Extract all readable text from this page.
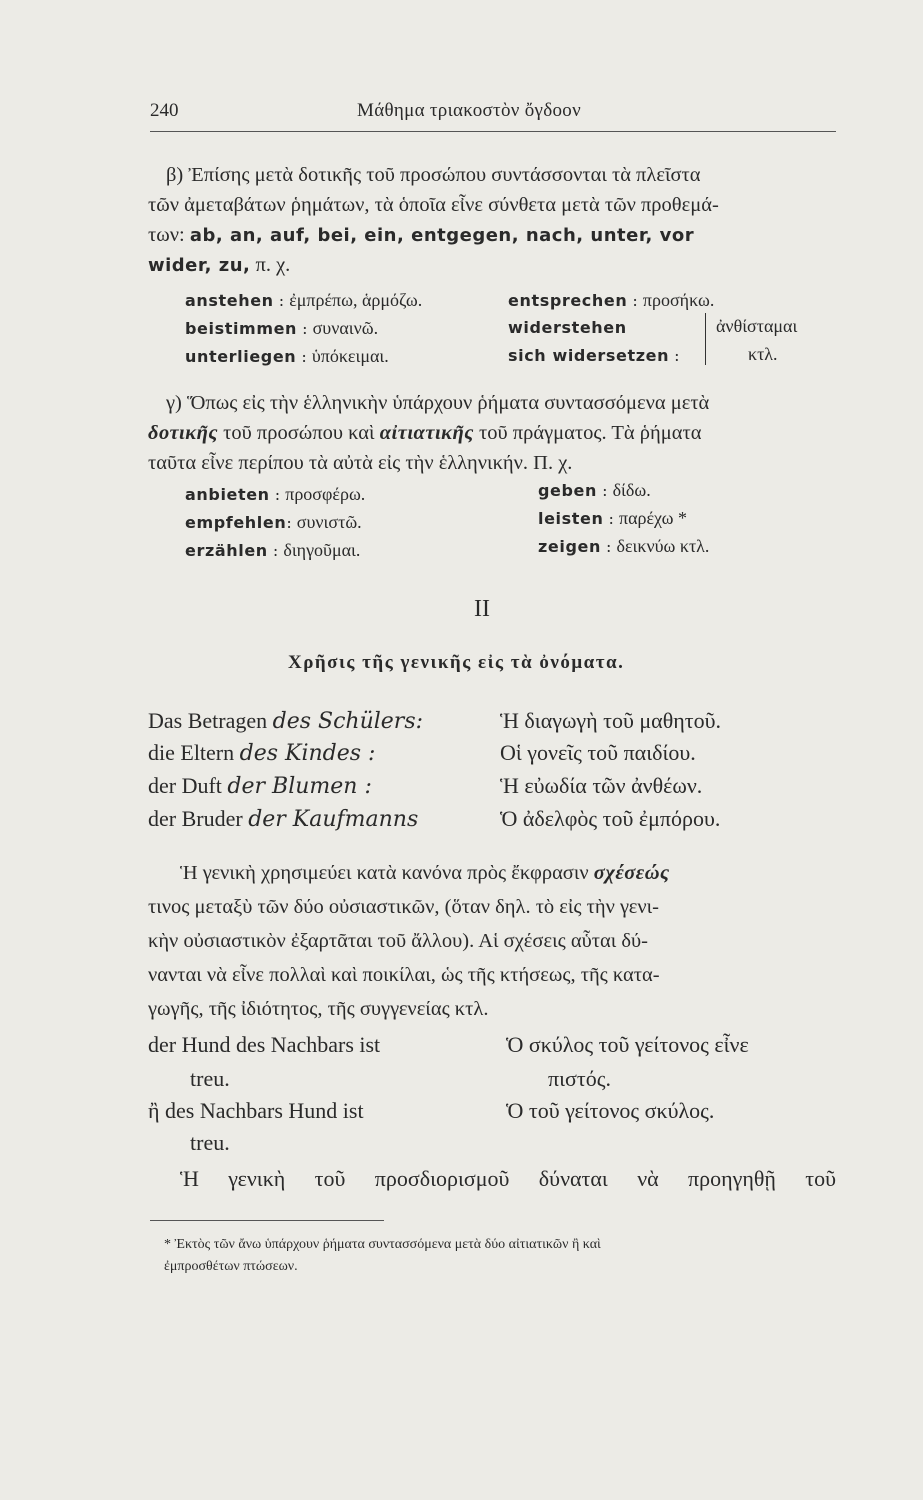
240	Μάθημα τριακοστὸν ὄγδοον
β) Ἐπίσης μετὰ δοτικῆς τοῦ προσώπου συντάσσονται τὰ πλεῖστα
τῶν ἀμεταβάτων ῥημάτων, τὰ ὁποῖα εἶνε σύνθετα μετὰ τῶν προθεμά-
των: ab, an, auf, bei, ein, entgegen, nach, unter, vor
wider, zu, π. χ.
anstehen : ἐμπρέπω, ἁρμόζω.
beistimmen : συναινῶ.
unterliegen : ὑπόκειμαι.
entsprechen : προσήκω.
widerstehen
sich widersetzen :
ἀνθίσταμαι
κτλ.
γ) Ὅπως εἰς τὴν ἑλληνικὴν ὑπάρχουν ῥήματα συντασσόμενα μετὰ
δοτικῆς τοῦ προσώπου καὶ αἰτιατικῆς τοῦ πράγματος. Τὰ ῥήματα
ταῦτα εἶνε περίπου τὰ αὐτὰ εἰς τὴν ἑλληνικήν. Π. χ.
anbieten : προσφέρω.
empfehlen: συνιστῶ.
erzählen : διηγοῦμαι.
geben : δίδω.
leisten : παρέχω *
zeigen : δεικνύω κτλ.
II
Χρῆσις τῆς γενικῆς εἰς τὰ ὀνόματα.
Das Betragen des Schülers:
die Eltern des Kindes :
der Duft der Blumen :
der Bruder der Kaufmanns
Ἡ διαγωγὴ τοῦ μαθητοῦ.
Οἱ γονεῖς τοῦ παιδίου.
Ἡ εὐωδία τῶν ἀνθέων.
Ὁ ἀδελφὸς τοῦ ἐμπόρου.
Ἡ γενικὴ χρησιμεύει κατὰ κανόνα πρὸς ἔκφρασιν σχέσεώς
τινος μεταξὺ τῶν δύο οὐσιαστικῶν, (ὅταν δηλ. τὸ εἰς τὴν γενι-
κὴν οὐσιαστικὸν ἐξαρτᾶται τοῦ ἄλλου). Αἱ σχέσεις αὗται δύ-
νανται νὰ εἶνε πολλαὶ καὶ ποικίλαι, ὡς τῆς κτήσεως, τῆς κατα-
γωγῆς, τῆς ἰδιότητος, τῆς συγγενείας κτλ.
der Hund des Nachbars ist
treu.
ἢ des Nachbars Hund ist
treu.
Ὁ σκύλος τοῦ γείτονος εἶνε
πιστός.
Ὁ τοῦ γείτονος σκύλος.
Ἡ γενικὴ τοῦ προσδιορισμοῦ δύναται νὰ προηγηθῇ τοῦ
* Ἐκτὸς τῶν ἄνω ὑπάρχουν ῥήματα συντασσόμενα μετὰ δύο αἰτιατικῶν ἢ καὶ
ἐμπροσθέτων πτώσεων.
